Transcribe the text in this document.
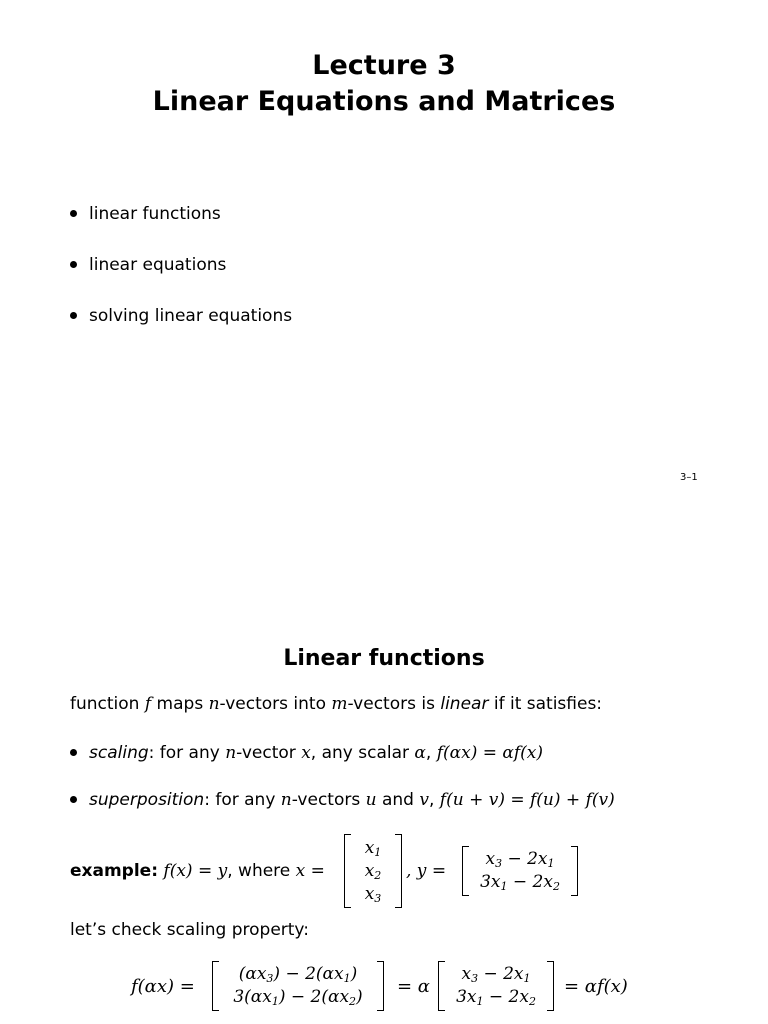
Lecture 3
Linear Equations and Matrices
linear functions
linear equations
solving linear equations
3–1
Linear functions
function f maps n-vectors into m-vectors is linear if it satisfies:
scaling: for any n-vector x, any scalar α, f(αx) = αf(x)
superposition: for any n-vectors u and v, f(u + v) = f(u) + f(v)
example: f(x) = y, where x =
$x_1$
$x_2$
$x_3$
, y =
$x_3 - 2x_1$
$3x_1 - 2x_2$
let’s check scaling property:
f(αx) =
$(\alpha x_3) - 2(\alpha x_1)$
$3(\alpha x_1) - 2(\alpha x_2)$	= α
$x_3 - 2x_1$
$3x_1 - 2x_2$
= αf(x)
